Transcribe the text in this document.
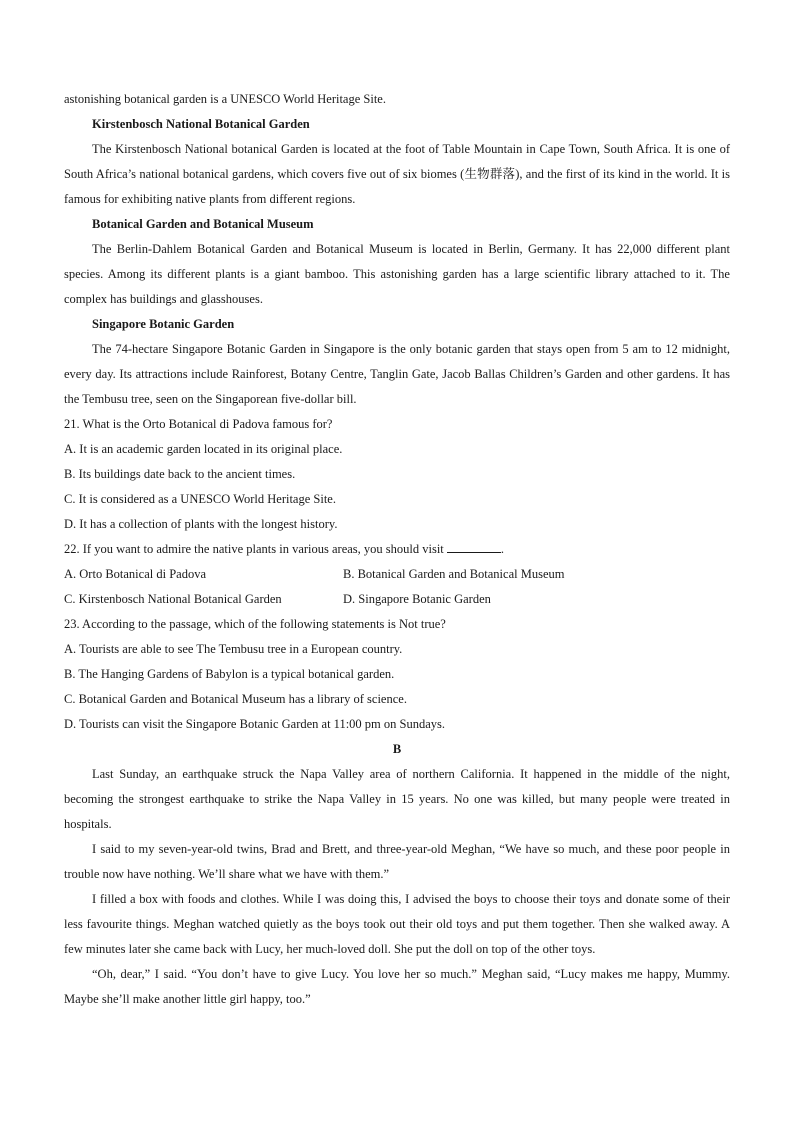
astonishing botanical garden is a UNESCO World Heritage Site.

Kirstenbosch National Botanical Garden

The Kirstenbosch National botanical Garden is located at the foot of Table Mountain in Cape Town, South Africa. It is one of South Africa’s national botanical gardens, which covers five out of six biomes (生物群落), and the first of its kind in the world. It is famous for exhibiting native plants from different regions.

Botanical Garden and Botanical Museum

The Berlin-Dahlem Botanical Garden and Botanical Museum is located in Berlin, Germany. It has 22,000 different plant species. Among its different plants is a giant bamboo. This astonishing garden has a large scientific library attached to it. The complex has buildings and glasshouses.

Singapore Botanic Garden

The 74-hectare Singapore Botanic Garden in Singapore is the only botanic garden that stays open from 5 am to 12 midnight, every day. Its attractions include Rainforest, Botany Centre, Tanglin Gate, Jacob Ballas Children’s Garden and other gardens. It has the Tembusu tree, seen on the Singaporean five-dollar bill.

21. What is the Orto Botanical di Padova famous for?

A. It is an academic garden located in its original place.

B. Its buildings date back to the ancient times.

C. It is considered as a UNESCO World Heritage Site.

D. It has a collection of plants with the longest history.

22. If you want to admire the native plants in various areas, you should visit	.

A. Orto Botanical di Padova	B. Botanical Garden and Botanical Museum
C. Kirstenbosch National Botanical Garden	D. Singapore Botanic Garden

23. According to the passage, which of the following statements is Not true?

A. Tourists are able to see The Tembusu tree in a European country.

B. The Hanging Gardens of Babylon is a typical botanical garden.

C. Botanical Garden and Botanical Museum has a library of science.

D. Tourists can visit the Singapore Botanic Garden at 11:00 pm on Sundays.

B

Last Sunday, an earthquake struck the Napa Valley area of northern California. It happened in the middle of the night, becoming the strongest earthquake to strike the Napa Valley in 15 years. No one was killed, but many people were treated in hospitals.

I said to my seven-year-old twins, Brad and Brett, and three-year-old Meghan, “We have so much, and these poor people in trouble now have nothing. We’ll share what we have with them.”

I filled a box with foods and clothes. While I was doing this, I advised the boys to choose their toys and donate some of their less favourite things. Meghan watched quietly as the boys took out their old toys and put them together. Then she walked away. A few minutes later she came back with Lucy, her much-loved doll. She put the doll on top of the other toys.

“Oh, dear,” I said. “You don’t have to give Lucy. You love her so much.” Meghan said, “Lucy makes me happy, Mummy. Maybe she’ll make another little girl happy, too.”
